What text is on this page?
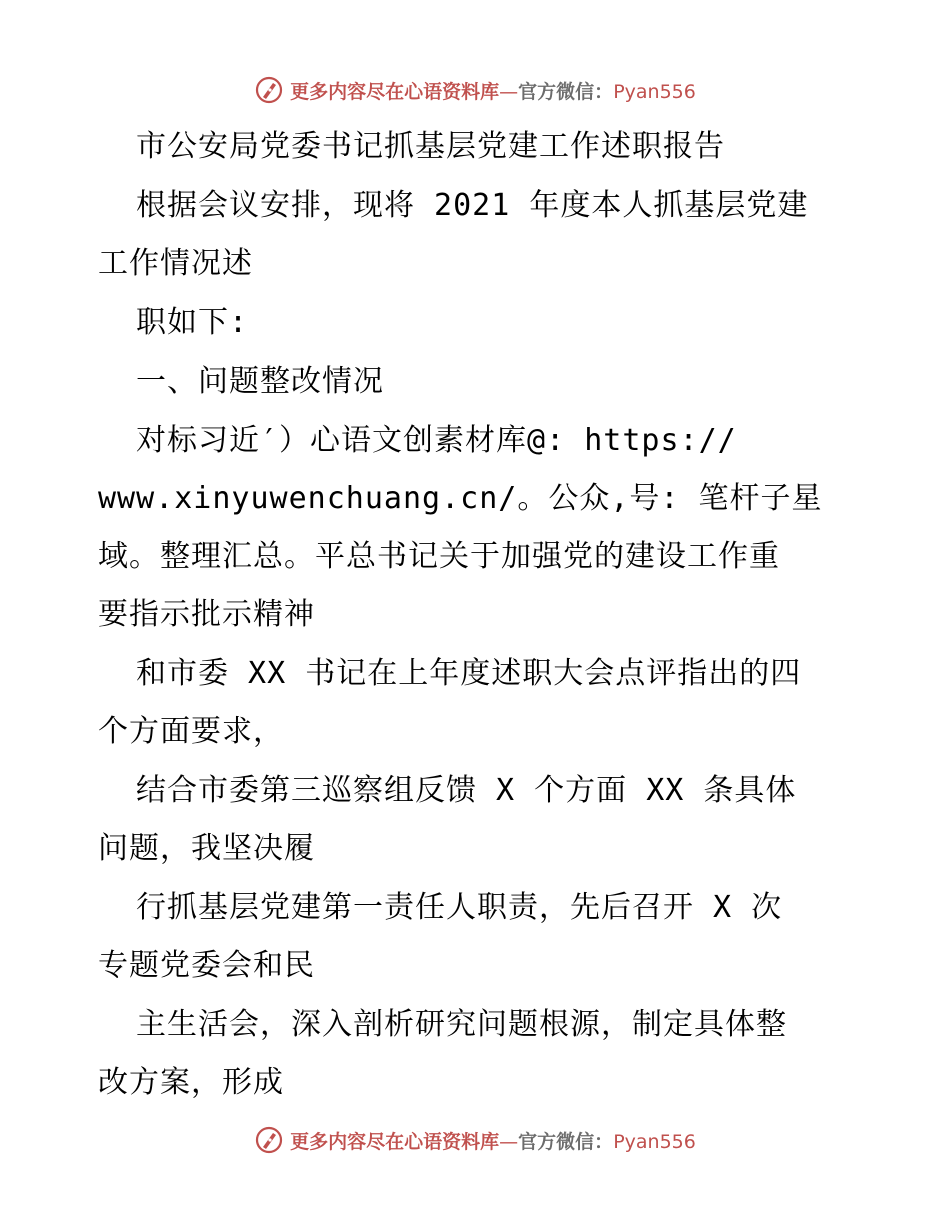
更多内容尽在心语资料库—官方微信：Pyan556
市公安局党委书记抓基层党建工作述职报告
根据会议安排，现将 2021 年度本人抓基层党建
工作情况述
职如下:
一、问题整改情况
对标习近′）心语文创素材库@: https://
www.xinyuwenchuang.cn/。公众,号: 笔杆子星
域。整理汇总。平总书记关于加强党的建设工作重
要指示批示精神
和市委 XX 书记在上年度述职大会点评指出的四
个方面要求，
结合市委第三巡察组反馈 X 个方面 XX 条具体
问题，我坚决履
行抓基层党建第一责任人职责，先后召开 X 次
专题党委会和民
主生活会，深入剖析研究问题根源，制定具体整
改方案，形成
更多内容尽在心语资料库—官方微信：Pyan556
